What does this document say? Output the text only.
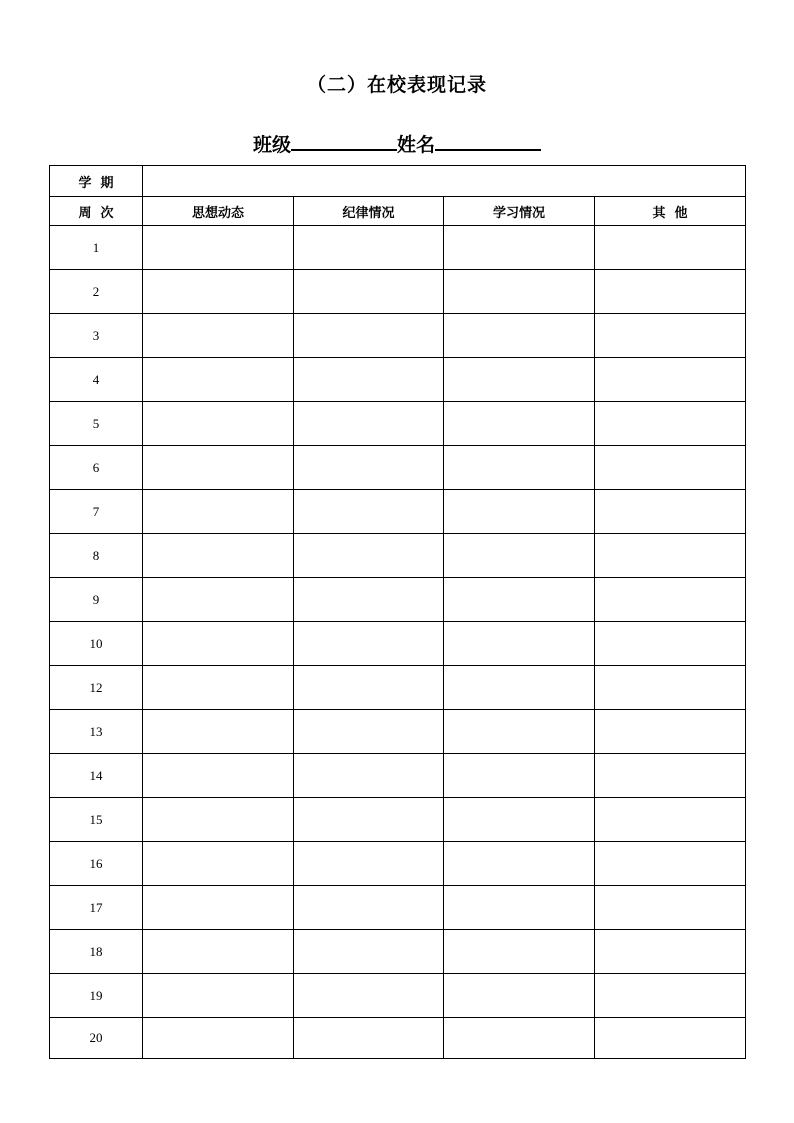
（二）在校表现记录
班级	姓名
学  期				
周  次	思想动态	纪律情况	学习情况	其  他
1				
2				
3				
4				
5				
6				
7				
8				
9				
10				
12				
13				
14				
15				
16				
17				
18				
19				
20				
